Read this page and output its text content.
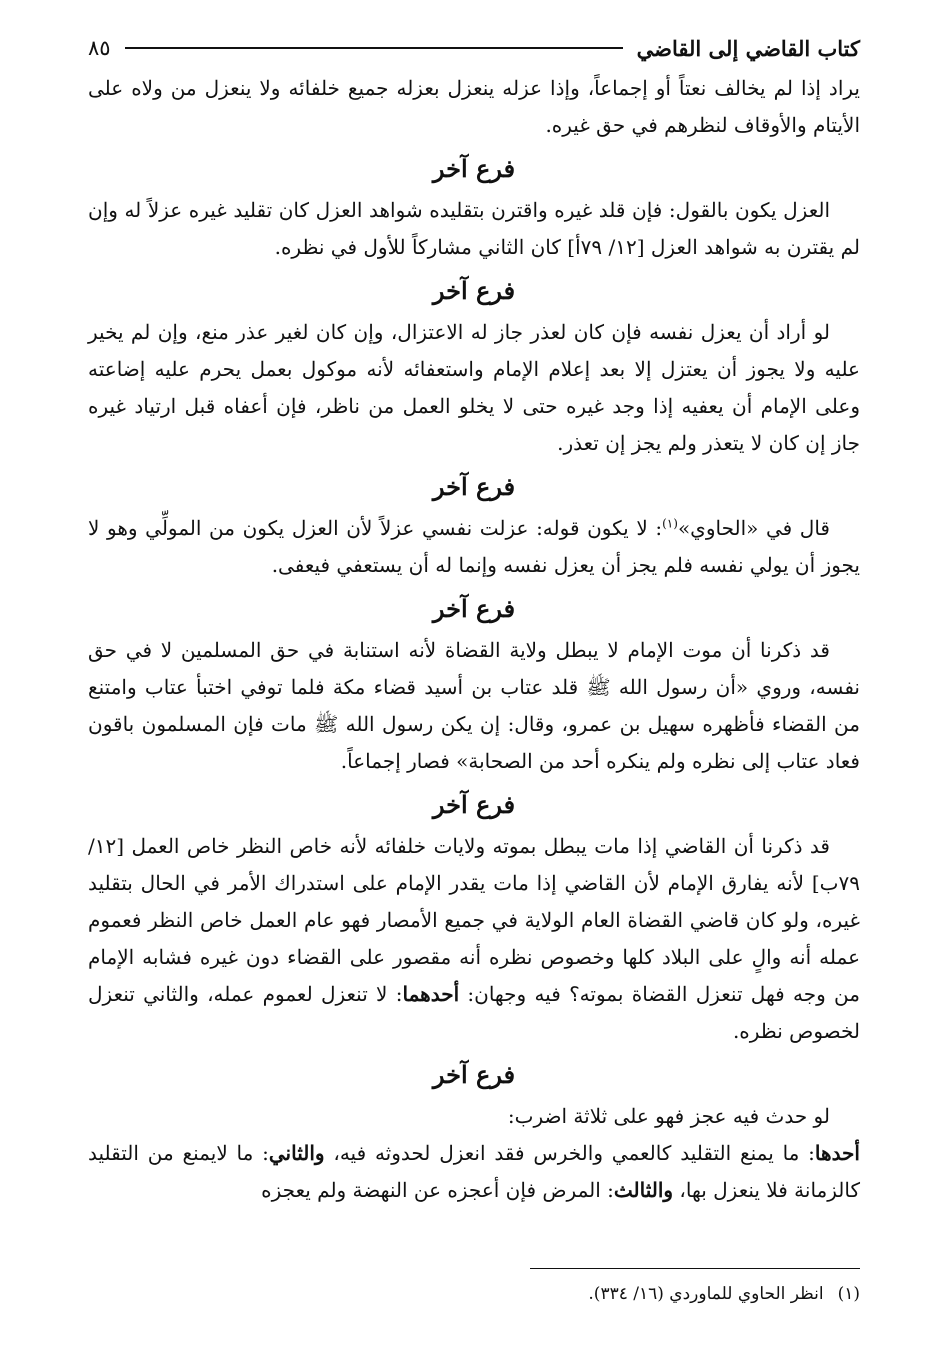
كتاب القاضي إلى القاضي
٨٥

يراد إذا لم يخالف نعتاً أو إجماعاً، وإذا عزله ينعزل بعزله جميع خلفائه ولا ينعزل من ولاه على الأيتام والأوقاف لنظرهم في حق غيره.

فرع آخر

العزل يكون بالقول: فإن قلد غيره واقترن بتقليده شواهد العزل كان تقليد غيره عزلاً له وإن لم يقترن به شواهد العزل [١٢/ ٧٩أ] كان الثاني مشاركاً للأول في نظره.

فرع آخر

لو أراد أن يعزل نفسه فإن كان لعذر جاز له الاعتزال، وإن كان لغير عذر منع، وإن لم يخير عليه ولا يجوز أن يعتزل إلا بعد إعلام الإمام واستعفائه لأنه موكول بعمل يحرم عليه إضاعته وعلى الإمام أن يعفيه إذا وجد غيره حتى لا يخلو العمل من ناظر، فإن أعفاه قبل ارتياد غيره جاز إن كان لا يتعذر ولم يجز إن تعذر.

فرع آخر

قال في «الحاوي»$^{(١)}$: لا يكون قوله: عزلت نفسي عزلاً لأن العزل يكون من المولِّي وهو لا يجوز أن يولي نفسه فلم يجز أن يعزل نفسه وإنما له أن يستعفي فيعفى.

فرع آخر

قد ذكرنا أن موت الإمام لا يبطل ولاية القضاة لأنه استنابة في حق المسلمين لا في حق نفسه، وروي «أن رسول الله ﷺ قلد عتاب بن أسيد قضاء مكة فلما توفي اختبأ عتاب وامتنع من القضاء فأظهره سهيل بن عمرو، وقال: إن يكن رسول الله ﷺ مات فإن المسلمون باقون فعاد عتاب إلى نظره ولم ينكره أحد من الصحابة» فصار إجماعاً.

فرع آخر

قد ذكرنا أن القاضي إذا مات يبطل بموته ولايات خلفائه لأنه خاص النظر خاص العمل [١٢/ ٧٩ب] لأنه يفارق الإمام لأن القاضي إذا مات يقدر الإمام على استدراك الأمر في الحال بتقليد غيره، ولو كان قاضي القضاة العام الولاية في جميع الأمصار فهو عام العمل خاص النظر فعموم عمله أنه والٍ على البلاد كلها وخصوص نظره أنه مقصور على القضاء دون غيره فشابه الإمام من وجه فهل تنعزل القضاة بموته؟ فيه وجهان: أحدهما: لا تنعزل لعموم عمله، والثاني تنعزل لخصوص نظره.

فرع آخر

لو حدث فيه عجز فهو على ثلاثة اضرب:

أحدها: ما يمنع التقليد كالعمي والخرس فقد انعزل لحدوثه فيه، والثاني: ما لايمنع من التقليد كالزمانة فلا ينعزل بها، والثالث: المرض فإن أعجزه عن النهضة ولم يعجزه

(١)انظر الحاوي للماوردي (١٦/ ٣٣٤).
